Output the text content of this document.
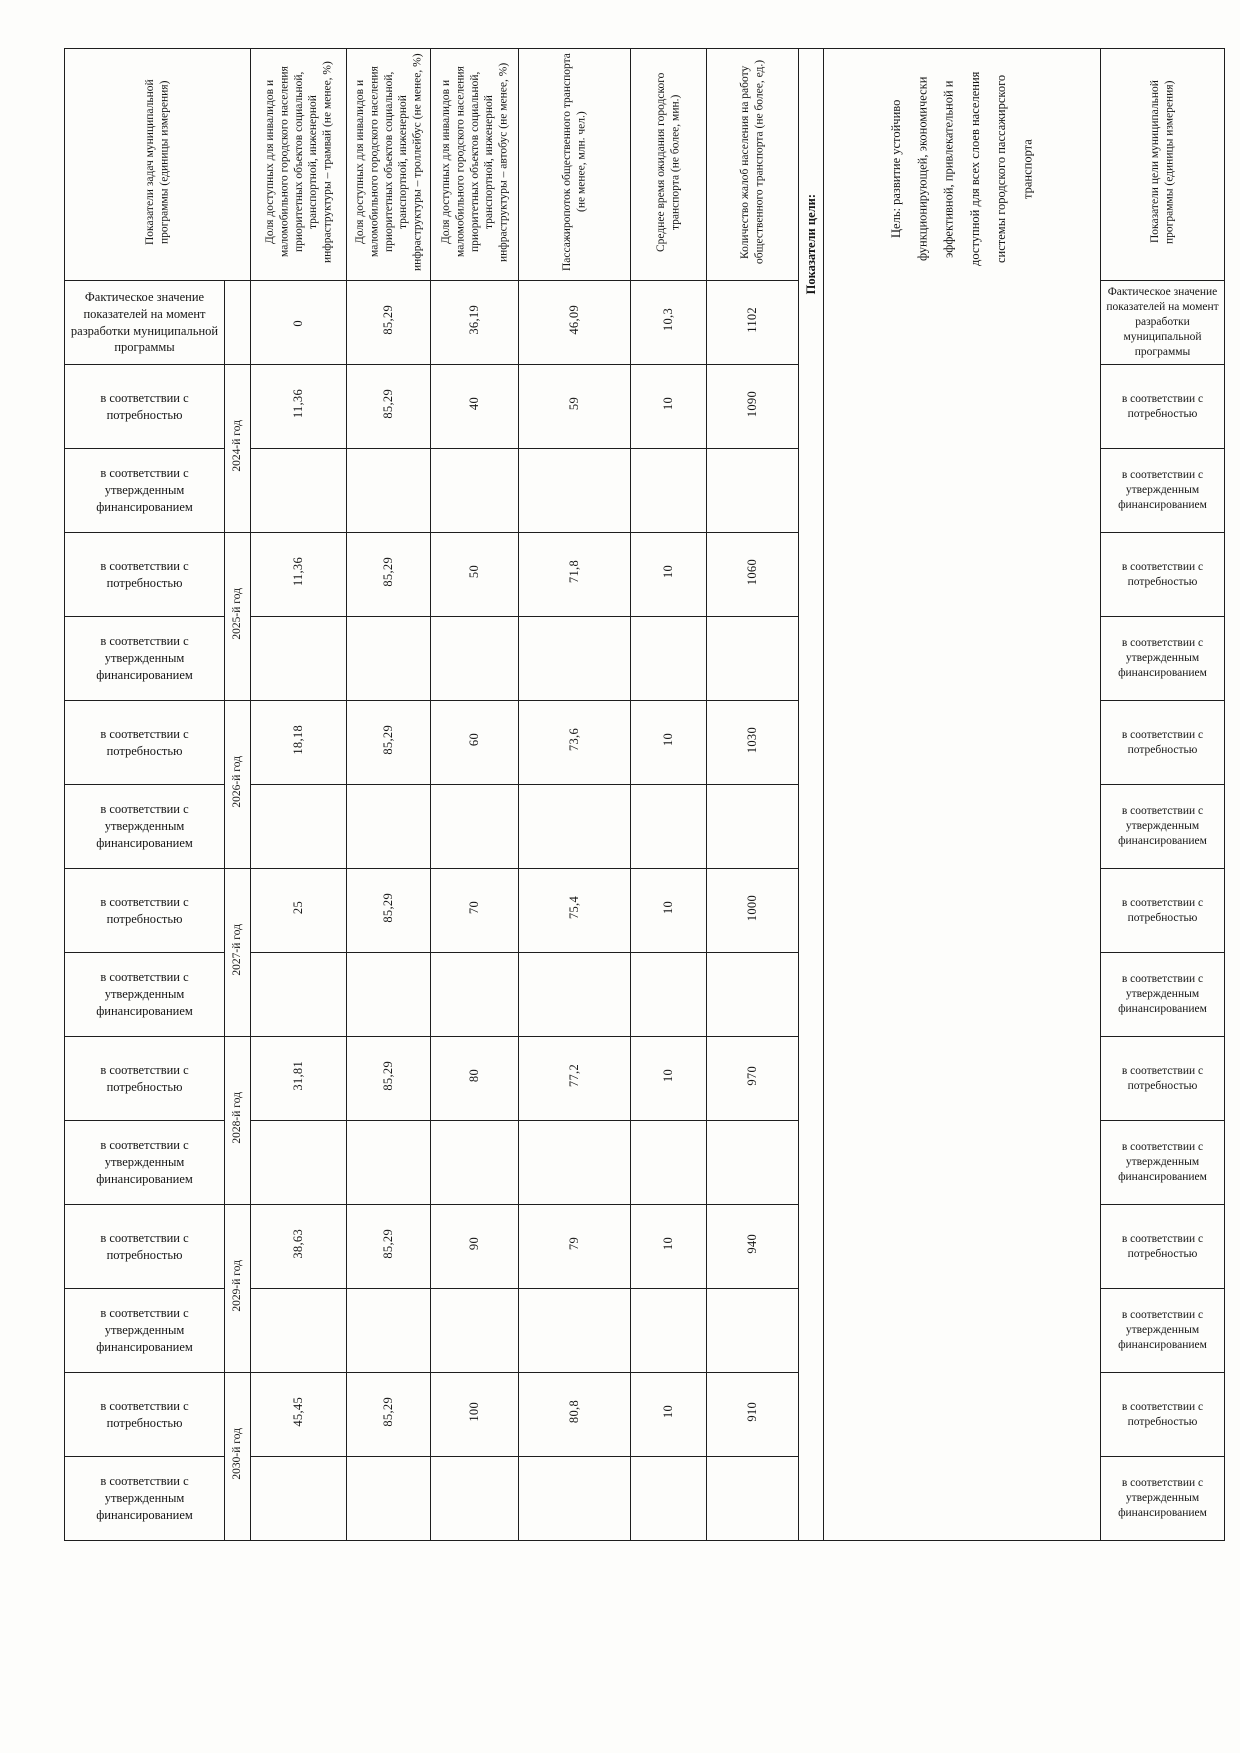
Показатели задач муниципальной программы (единицы измерения)		Доля доступных для инвалидов и маломобильного городского населения приоритетных объектов социальной, транспортной, инженерной инфраструктуры – трамвай (не менее, %)	Доля доступных для инвалидов и маломобильного городского населения приоритетных объектов социальной, транспортной, инженерной инфраструктуры – троллейбус (не менее, %)	Доля доступных для инвалидов и маломобильного городского населения приоритетных объектов социальной, транспортной, инженерной инфраструктуры – автобус (не менее, %)	Пассажиропоток общественного транспорта (не менее, млн. чел.)	Среднее время ожидания городского транспорта (не более, мин.)	Количество жалоб населения на работу общественного транспорта (не более, ед.)	Показатели цели:	Цель: развитие устойчиво функционирующей, экономически эффективной, привлекательной и доступной для всех слоев населения системы городского пассажирского транспорта	Показатели цели муниципальной программы (единицы измерения)
Фактическое значение показателей на момент разработки муниципальной программы		0	85,29	36,19	46,09	10,3	1102			Фактическое значение показателей на момент разработки муниципальной программы
в соответствии с потребностью	2024-й год	11,36	85,29	40	59	10	1090			в соответствии с потребностью
в соответствии с утвержденным финансированием										в соответствии с утвержденным финансированием
в соответствии с потребностью	2025-й год	11,36	85,29	50	71,8	10	1060			в соответствии с потребностью
в соответствии с утвержденным финансированием										в соответствии с утвержденным финансированием
в соответствии с потребностью	2026-й год	18,18	85,29	60	73,6	10	1030			в соответствии с потребностью
в соответствии с утвержденным финансированием										в соответствии с утвержденным финансированием
в соответствии с потребностью	2027-й год	25	85,29	70	75,4	10	1000			в соответствии с потребностью
в соответствии с утвержденным финансированием										в соответствии с утвержденным финансированием
в соответствии с потребностью	2028-й год	31,81	85,29	80	77,2	10	970			в соответствии с потребностью
в соответствии с утвержденным финансированием										в соответствии с утвержденным финансированием
в соответствии с потребностью	2029-й год	38,63	85,29	90	79	10	940			в соответствии с потребностью
в соответствии с утвержденным финансированием										в соответствии с утвержденным финансированием
в соответствии с потребностью	2030-й год	45,45	85,29	100	80,8	10	910			в соответствии с потребностью
в соответствии с утвержденным финансированием										в соответствии с утвержденным финансированием
